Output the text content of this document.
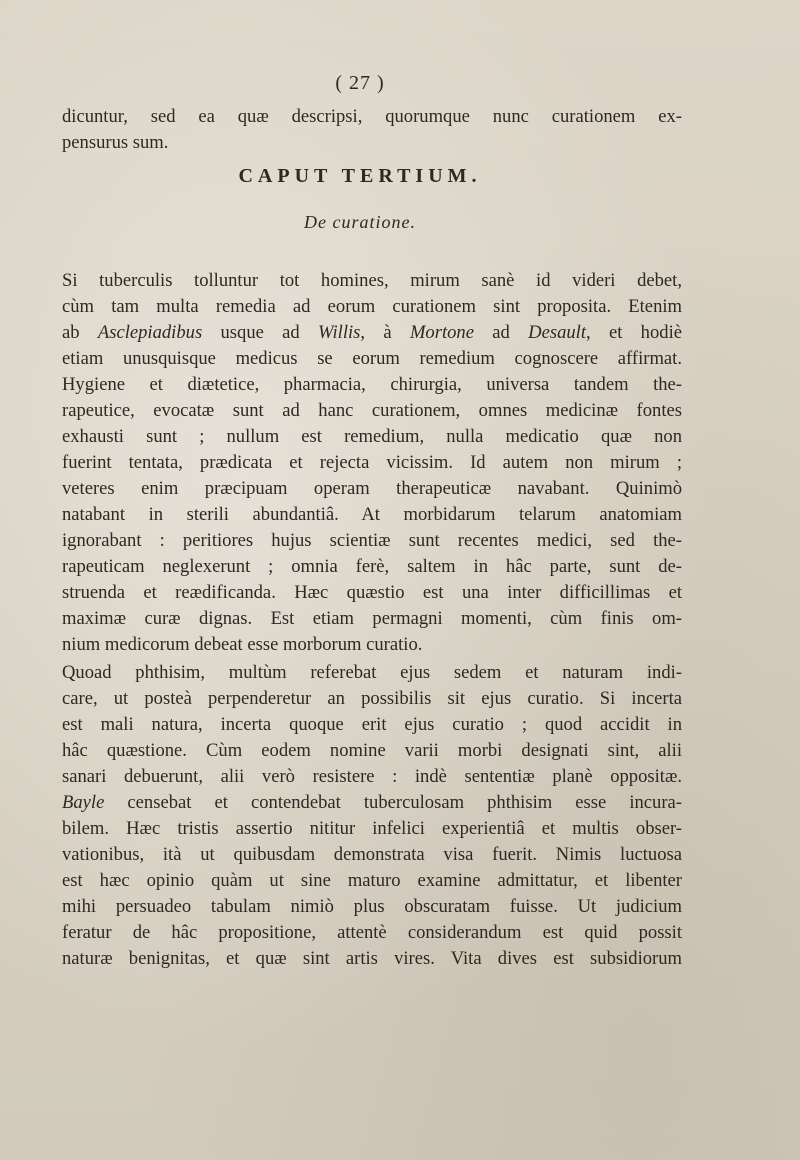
( 27 )
dicuntur, sed ea quæ descripsi, quorumque nunc curationem ex-
pensurus sum.
CAPUT TERTIUM.
De curatione.
Si tuberculis tolluntur tot homines, mirum sanè id videri debet,
cùm tam multa remedia ad eorum curationem sint proposita. Etenim
ab Asclepiadibus usque ad Willis, à Mortone ad Desault, et hodiè
etiam unusquisque medicus se eorum remedium cognoscere affirmat.
Hygiene et diætetice, pharmacia, chirurgia, universa tandem the-
rapeutice, evocatæ sunt ad hanc curationem, omnes medicinæ fontes
exhausti sunt ; nullum est remedium, nulla medicatio quæ non
fuerint tentata, prædicata et rejecta vicissim. Id autem non mirum ;
veteres enim præcipuam operam therapeuticæ navabant. Quinimò
natabant in sterili abundantiâ. At morbidarum telarum anatomiam
ignorabant : peritiores hujus scientiæ sunt recentes medici, sed the-
rapeuticam neglexerunt ; omnia ferè, saltem in hâc parte, sunt de-
struenda et reædificanda. Hæc quæstio est una inter difficillimas et
maximæ curæ dignas. Est etiam permagni momenti, cùm finis om-
nium medicorum debeat esse morborum curatio.
Quoad phthisim, multùm referebat ejus sedem et naturam indi-
care, ut posteà perpenderetur an possibilis sit ejus curatio. Si incerta
est mali natura, incerta quoque erit ejus curatio ; quod accidit in
hâc quæstione. Cùm eodem nomine varii morbi designati sint, alii
sanari debuerunt, alii verò resistere : indè sententiæ planè oppositæ.
Bayle censebat et contendebat tuberculosam phthisim esse incura-
bilem. Hæc tristis assertio nititur infelici experientiâ et multis obser-
vationibus, ità ut quibusdam demonstrata visa fuerit. Nimis luctuosa
est hæc opinio quàm ut sine maturo examine admittatur, et libenter
mihi persuadeo tabulam nimiò plus obscuratam fuisse. Ut judicium
feratur de hâc propositione, attentè considerandum est quid possit
naturæ benignitas, et quæ sint artis vires. Vita dives est subsidiorum
